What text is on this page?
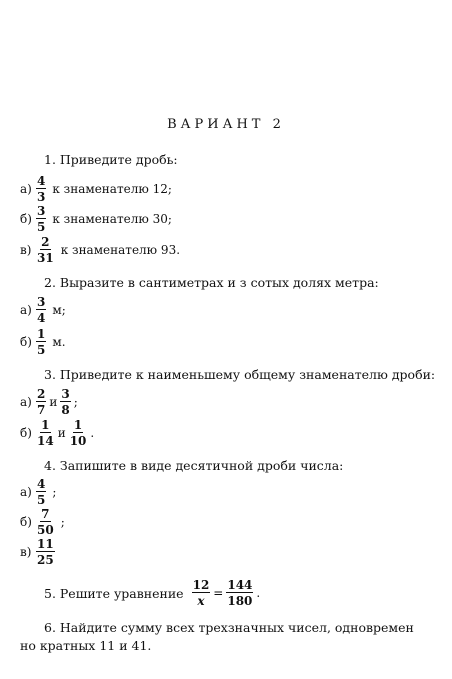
ВАРИАНТ 2
1. Приведите дробь:
$а) \frac{4}{3}$ к знаменателю 12;
$б) \frac{3}{5}$ к знаменателю 30;
$в) \frac{2}{31}$ к знаменателю 93.
2. Выразите в сантиметрах и з сотых долях метра:
$а) \frac{3}{4} м$;
$б) \frac{1}{5} м$.
3. Приведите к наименьшему общему знаменателю дроби:
$а) \frac{2}{7}$ и $\frac{3}{8}$ ;
$б) \frac{1}{14}$ и $\frac{1}{10}$ .
4. Запишите в виде десятичной дроби числа:
$а) \frac{4}{5}$ ;
$б) \frac{7}{50}$ ;
$в) \frac{11}{25}$
5. Решите уравнение $\frac{12}{x} = \frac{144}{180}$ .
6. Найдите сумму всех трехзначных чисел, одновремен
но кратных 11 и 41.
